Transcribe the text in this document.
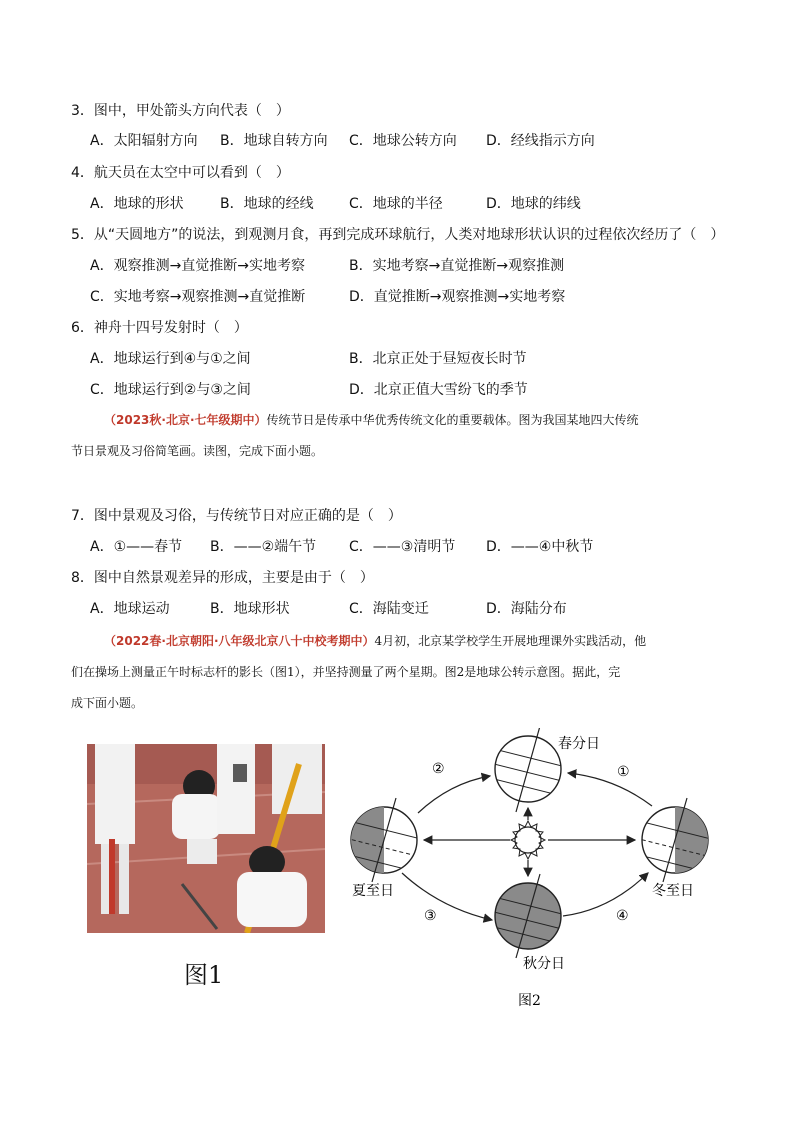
3．图中，甲处箭头方向代表（　）
A．太阳辐射方向 B．地球自转方向 C．地球公转方向 D．经线指示方向
4．航天员在太空中可以看到（　）
A．地球的形状	B．地球的经线	C．地球的半径	D．地球的纬线
5．从“天圆地方”的说法，到观测月食，再到完成环球航行，人类对地球形状认识的过程依次经历了（　）
A．观察推测→直觉推断→实地考察	B．实地考察→直觉推断→观察推测
C．实地考察→观察推测→直觉推断	D．直觉推断→观察推测→实地考察
6．神舟十四号发射时（　）
A．地球运行到④与①之间	B．北京正处于昼短夜长时节
C．地球运行到②与③之间	D．北京正值大雪纷飞的季节
（2023秋·北京·七年级期中）传统节日是传承中华优秀传统文化的重要载体。图为我国某地四大传统
节日景观及习俗简笔画。读图，完成下面小题。
7．图中景观及习俗，与传统节日对应正确的是（　）
A．①——春节 B．——②端午节 C．——③清明节 D．——④中秋节
8．图中自然景观差异的形成，主要是由于（　）
A．地球运动	B．地球形状	C．海陆变迁	D．海陆分布
（2022春·北京朝阳·八年级北京八十中校考期中）4月初，北京某学校学生开展地理课外实践活动，他
们在操场上测量正午时标志杆的影长（图1），并坚持测量了两个星期。图2是地球公转示意图。据此，完
成下面小题。
图1
春分日
夏至日	冬至日
秋分日
②	①
③	④
图2
